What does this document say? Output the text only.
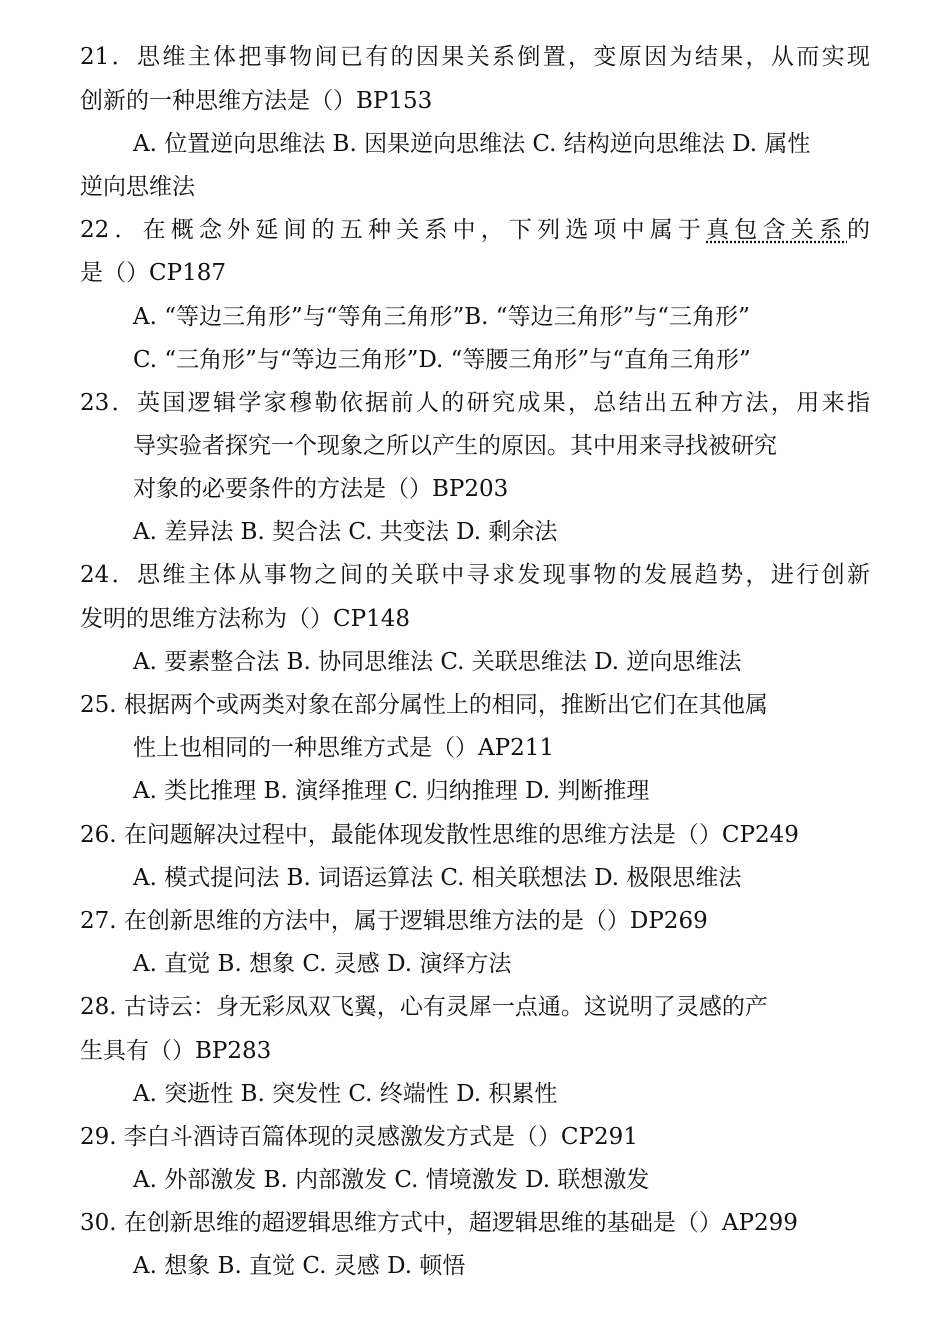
21．思维主体把事物间已有的因果关系倒置，变原因为结果，从而实现
创新的一种思维方法是（）BP153
A. 位置逆向思维法 B. 因果逆向思维法 C. 结构逆向思维法 D. 属性
逆向思维法
22．在概念外延间的五种关系中，下列选项中属于真包含关系的
是（）CP187
A. “等边三角形”与“等角三角形”B. “等边三角形”与“三角形”
C. “三角形”与“等边三角形”D. “等腰三角形”与“直角三角形”
23．英国逻辑学家穆勒依据前人的研究成果，总结出五种方法，用来指
导实验者探究一个现象之所以产生的原因。其中用来寻找被研究
对象的必要条件的方法是（）BP203
A. 差异法 B. 契合法 C. 共变法 D. 剩余法
24．思维主体从事物之间的关联中寻求发现事物的发展趋势，进行创新
发明的思维方法称为（）CP148
A. 要素整合法 B. 协同思维法 C. 关联思维法 D. 逆向思维法
25. 根据两个或两类对象在部分属性上的相同，推断出它们在其他属
性上也相同的一种思维方式是（）AP211
A. 类比推理 B. 演绎推理 C. 归纳推理 D. 判断推理
26. 在问题解决过程中，最能体现发散性思维的思维方法是（）CP249
A. 模式提问法 B. 词语运算法 C. 相关联想法 D. 极限思维法
27. 在创新思维的方法中，属于逻辑思维方法的是（）DP269
A. 直觉 B. 想象 C. 灵感 D. 演绎方法
28. 古诗云：身无彩凤双飞翼，心有灵犀一点通。这说明了灵感的产
生具有（）BP283
A. 突逝性 B. 突发性 C. 终端性 D. 积累性
29. 李白斗酒诗百篇体现的灵感激发方式是（）CP291
A. 外部激发 B. 内部激发 C. 情境激发 D. 联想激发
30. 在创新思维的超逻辑思维方式中，超逻辑思维的基础是（）AP299
A. 想象 B. 直觉 C. 灵感 D. 顿悟
